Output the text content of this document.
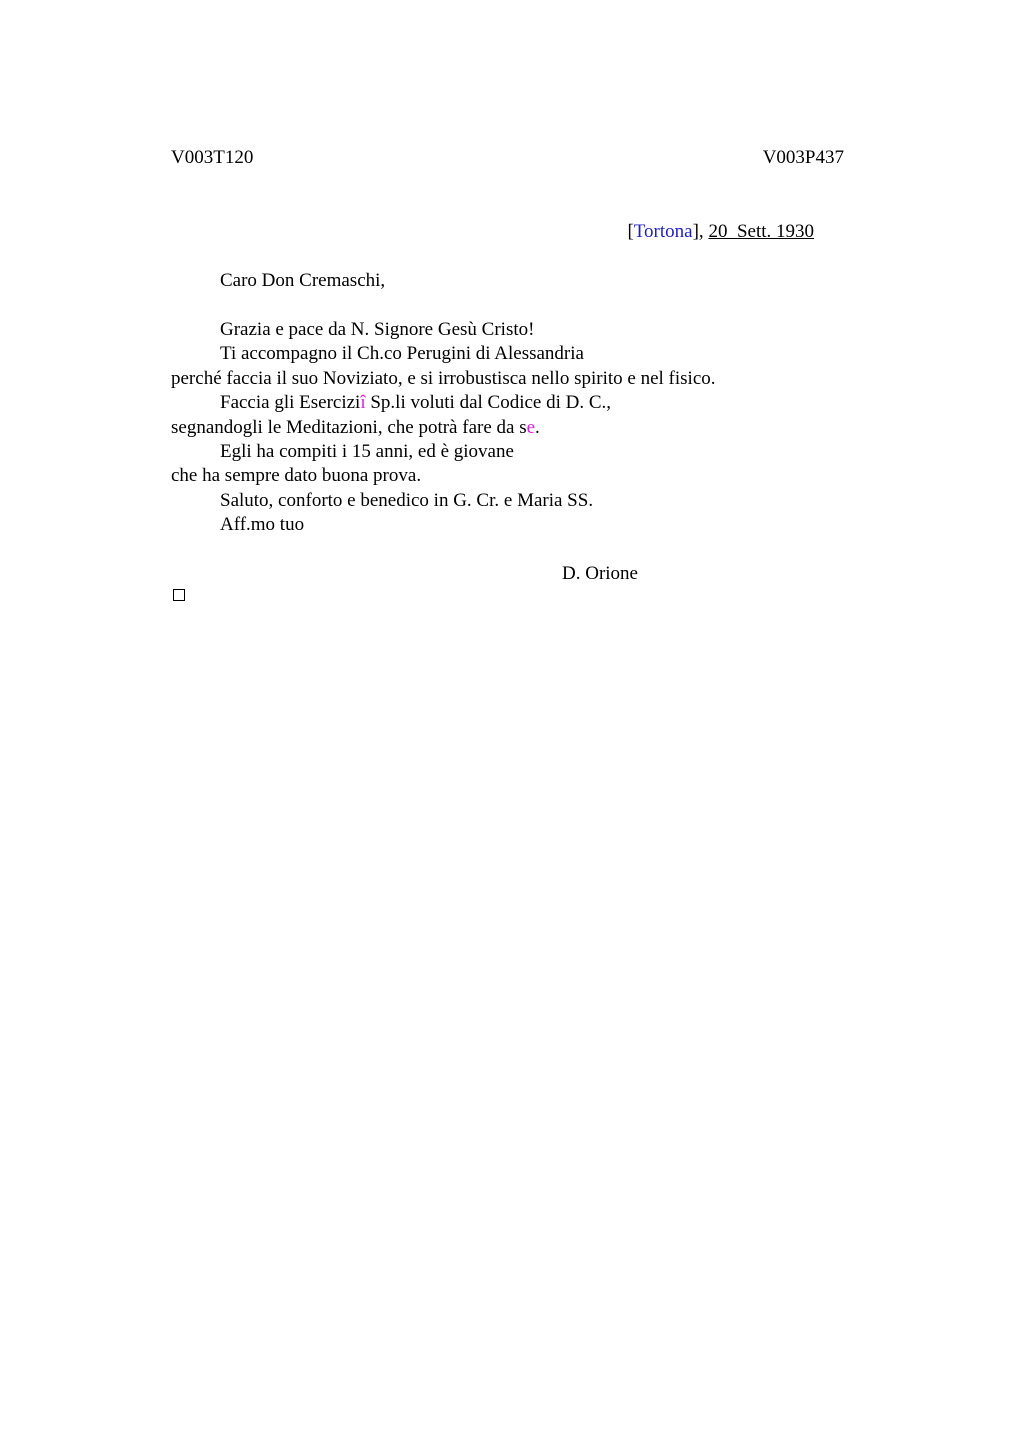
V003T120	V003P437
[Tortona], 20  Sett. 1930
Caro Don Cremaschi,
Grazia e pace da N. Signore Gesù Cristo!
Ti accompagno il Ch.co Perugini di Alessandria
perché faccia il suo Noviziato, e si irrobustisca nello spirito e nel fisico.
Faccia gli Eserciziî Sp.li voluti dal Codice di D. C.,
segnandogli le Meditazioni, che potrà fare da se.
Egli ha compiti i 15 anni, ed è giovane
che ha sempre dato buona prova.
Saluto, conforto e benedico in G. Cr. e Maria SS.
Aff.mo tuo
D. Orione
